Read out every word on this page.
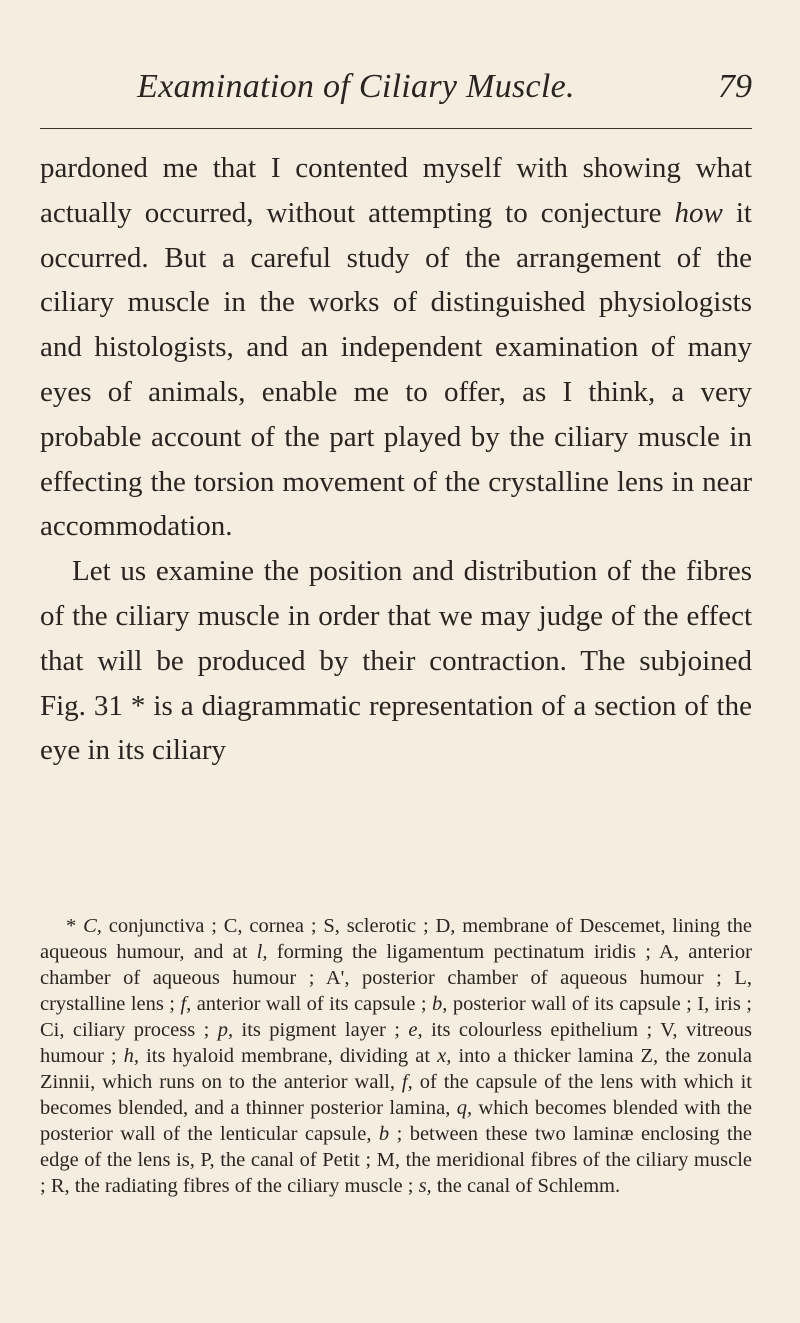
Examination of Ciliary Muscle.	79

pardoned me that I contented myself with showing what actually occurred, without attempting to conjecture how it occurred. But a careful study of the arrangement of the ciliary muscle in the works of distinguished physiologists and histologists, and an independent examination of many eyes of animals, enable me to offer, as I think, a very probable account of the part played by the ciliary muscle in effecting the torsion movement of the crystalline lens in near accommodation.

Let us examine the position and distribution of the fibres of the ciliary muscle in order that we may judge of the effect that will be produced by their contraction. The subjoined Fig. 31 * is a diagrammatic representation of a section of the eye in its ciliary

* C, conjunctiva ; C, cornea ; S, sclerotic ; D, membrane of Descemet, lining the aqueous humour, and at l, forming the ligamentum pectinatum iridis ; A, anterior chamber of aqueous humour ; A', posterior chamber of aqueous humour ; L, crystalline lens ; f, anterior wall of its capsule ; b, posterior wall of its capsule ; I, iris ; Ci, ciliary process ; p, its pigment layer ; e, its colourless epithelium ; V, vitreous humour ; h, its hyaloid membrane, dividing at x, into a thicker lamina Z, the zonula Zinnii, which runs on to the anterior wall, f, of the capsule of the lens with which it becomes blended, and a thinner posterior lamina, q, which becomes blended with the posterior wall of the lenticular capsule, b ; between these two laminæ enclosing the edge of the lens is, P, the canal of Petit ; M, the meridional fibres of the ciliary muscle ; R, the radiating fibres of the ciliary muscle ; s, the canal of Schlemm.
